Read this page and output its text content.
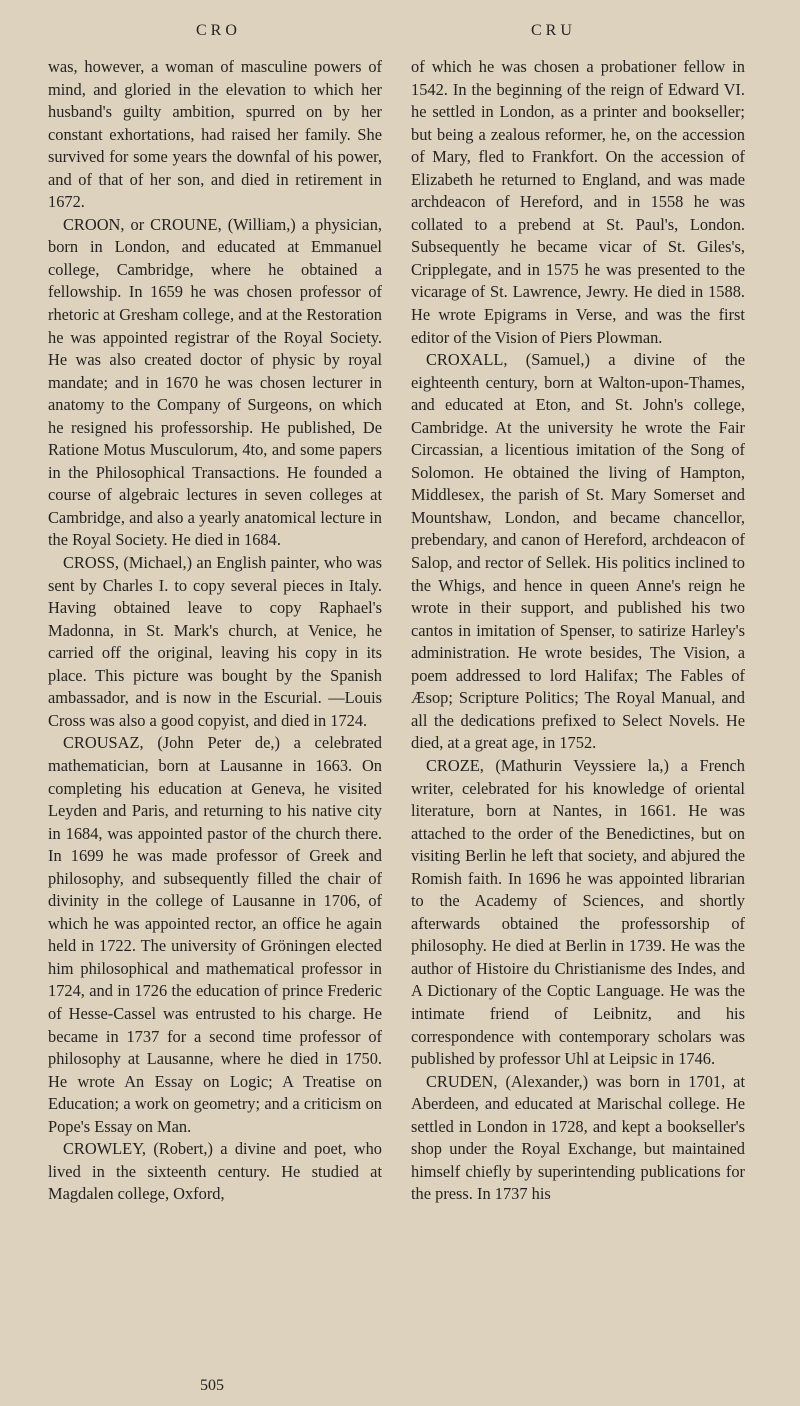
CRO	CRU

was, however, a woman of masculine powers of mind, and gloried in the elevation to which her husband's guilty ambition, spurred on by her constant exhortations, had raised her family. She survived for some years the downfal of his power, and of that of her son, and died in retirement in 1672.

CROON, or CROUNE, (William,) a physician, born in London, and educated at Emmanuel college, Cambridge, where he obtained a fellowship. In 1659 he was chosen professor of rhetoric at Gresham college, and at the Restoration he was appointed registrar of the Royal Society. He was also created doctor of physic by royal mandate; and in 1670 he was chosen lecturer in anatomy to the Company of Surgeons, on which he resigned his professorship. He published, De Ratione Motus Musculorum, 4to, and some papers in the Philosophical Transactions. He founded a course of algebraic lectures in seven colleges at Cambridge, and also a yearly anatomical lecture in the Royal Society. He died in 1684.

CROSS, (Michael,) an English painter, who was sent by Charles I. to copy several pieces in Italy. Having obtained leave to copy Raphael's Madonna, in St. Mark's church, at Venice, he carried off the original, leaving his copy in its place. This picture was bought by the Spanish ambassador, and is now in the Escurial. —Louis Cross was also a good copyist, and died in 1724.

CROUSAZ, (John Peter de,) a celebrated mathematician, born at Lausanne in 1663. On completing his education at Geneva, he visited Leyden and Paris, and returning to his native city in 1684, was appointed pastor of the church there. In 1699 he was made professor of Greek and philosophy, and subsequently filled the chair of divinity in the college of Lausanne in 1706, of which he was appointed rector, an office he again held in 1722. The university of Gröningen elected him philosophical and mathematical professor in 1724, and in 1726 the education of prince Frederic of Hesse-Cassel was entrusted to his charge. He became in 1737 for a second time professor of philosophy at Lausanne, where he died in 1750. He wrote An Essay on Logic; A Treatise on Education; a work on geometry; and a criticism on Pope's Essay on Man.

CROWLEY, (Robert,) a divine and poet, who lived in the sixteenth century. He studied at Magdalen college, Oxford,

of which he was chosen a probationer fellow in 1542. In the beginning of the reign of Edward VI. he settled in London, as a printer and bookseller; but being a zealous reformer, he, on the accession of Mary, fled to Frankfort. On the accession of Elizabeth he returned to England, and was made archdeacon of Hereford, and in 1558 he was collated to a prebend at St. Paul's, London. Subsequently he became vicar of St. Giles's, Cripplegate, and in 1575 he was presented to the vicarage of St. Lawrence, Jewry. He died in 1588. He wrote Epigrams in Verse, and was the first editor of the Vision of Piers Plowman.

CROXALL, (Samuel,) a divine of the eighteenth century, born at Walton-upon-Thames, and educated at Eton, and St. John's college, Cambridge. At the university he wrote the Fair Circassian, a licentious imitation of the Song of Solomon. He obtained the living of Hampton, Middlesex, the parish of St. Mary Somerset and Mountshaw, London, and became chancellor, prebendary, and canon of Hereford, archdeacon of Salop, and rector of Sellek. His politics inclined to the Whigs, and hence in queen Anne's reign he wrote in their support, and published his two cantos in imitation of Spenser, to satirize Harley's administration. He wrote besides, The Vision, a poem addressed to lord Halifax; The Fables of Æsop; Scripture Politics; The Royal Manual, and all the dedications prefixed to Select Novels. He died, at a great age, in 1752.

CROZE, (Mathurin Veyssiere la,) a French writer, celebrated for his knowledge of oriental literature, born at Nantes, in 1661. He was attached to the order of the Benedictines, but on visiting Berlin he left that society, and abjured the Romish faith. In 1696 he was appointed librarian to the Academy of Sciences, and shortly afterwards obtained the professorship of philosophy. He died at Berlin in 1739. He was the author of Histoire du Christianisme des Indes, and A Dictionary of the Coptic Language. He was the intimate friend of Leibnitz, and his correspondence with contemporary scholars was published by professor Uhl at Leipsic in 1746.

CRUDEN, (Alexander,) was born in 1701, at Aberdeen, and educated at Marischal college. He settled in London in 1728, and kept a bookseller's shop under the Royal Exchange, but maintained himself chiefly by superintending publications for the press. In 1737 his

505
